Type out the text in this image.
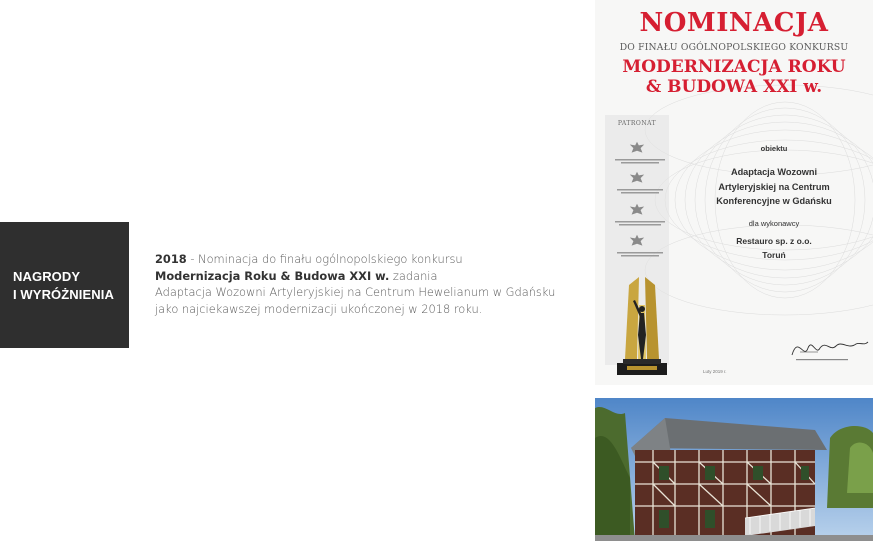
NAGRODY
I WYRÓŻNIENIA
2018 - Nominacja do finału ogólnopolskiego konkursu
Modernizacja Roku & Budowa XXI w. zadania
Adaptacja Wozowni Artyleryjskiej na Centrum Hewelianum w Gdańsku
jako najciekawszej modernizacji ukończonej w 2018 roku.
NOMINACJA
DO FINAŁU OGÓLNOPOLSKIEGO KONKURSU
MODERNIZACJA ROKU
& BUDOWA XXI w.
PATRONAT
obiektu
Adaptacja Wozowni
Artyleryjskiej na Centrum
Konferencyjne w Gdańsku
dla wykonawcy
Restauro sp. z o.o.
Toruń
Luty 2019 r.
